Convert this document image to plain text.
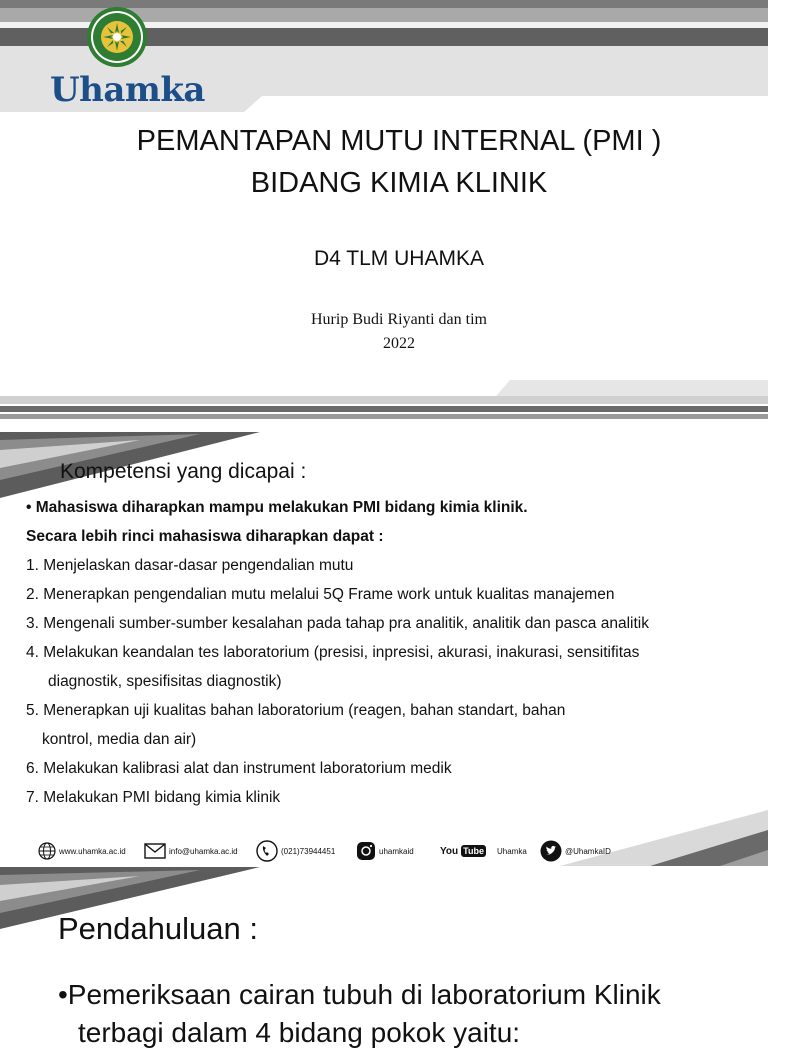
Uhamka
PEMANTAPAN MUTU INTERNAL (PMI )
BIDANG KIMIA KLINIK
D4 TLM UHAMKA
Hurip Budi Riyanti dan tim
2022
Kompetensi yang dicapai :
• Mahasiswa diharapkan mampu melakukan PMI bidang kimia klinik.
Secara lebih rinci mahasiswa diharapkan dapat :
1. Menjelaskan dasar-dasar pengendalian mutu
2. Menerapkan pengendalian mutu melalui 5Q Frame work untuk kualitas manajemen
3. Mengenali sumber-sumber kesalahan pada tahap pra analitik, analitik dan pasca analitik
4. Melakukan keandalan tes laboratorium (presisi, inpresisi, akurasi, inakurasi, sensitifitas
diagnostik, spesifisitas diagnostik)
5. Menerapkan uji kualitas bahan laboratorium (reagen, bahan standart, bahan
kontrol, media dan air)
6. Melakukan kalibrasi alat dan instrument laboratorium medik
7. Melakukan PMI bidang kimia klinik
www.uhamka.ac.id	info@uhamka.ac.id	(021)73944451	uhamkaid	You Tube Uhamka	@UhamkaID
Pendahuluan :
•Pemeriksaan cairan tubuh di laboratorium Klinik
terbagi dalam 4 bidang pokok yaitu:
